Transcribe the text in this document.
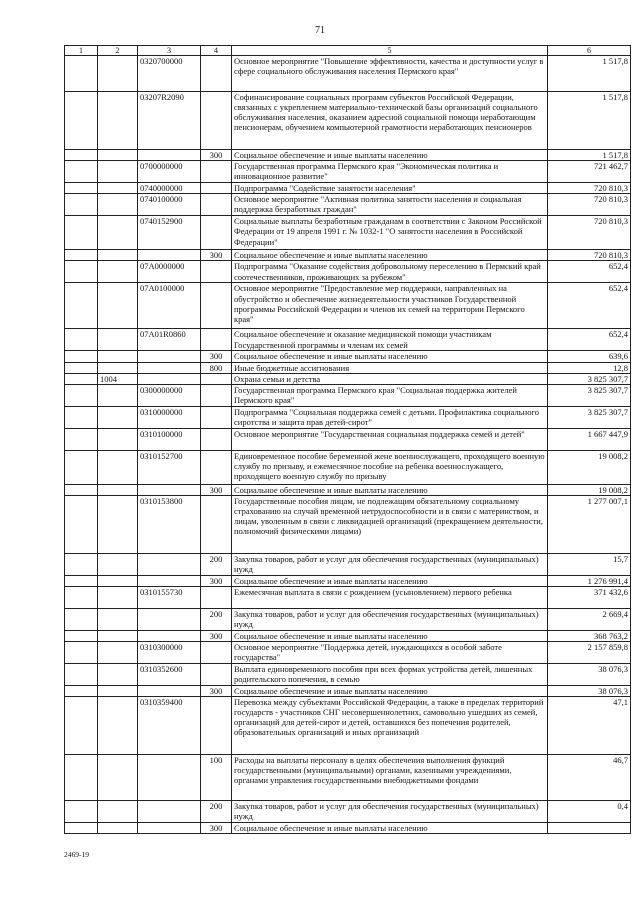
71
1	2	3	4	5	6
		0320700000		Основное мероприятие "Повышение эффективности, качества и доступности услуг в сфере социального обслуживания населения Пермского края"	1 517,8
		03207R2090		Софинансирование социальных программ субъектов Российской Федерации, связанных с укреплением материально-технической базы организаций социального обслуживания населения, оказанием адресной социальной помощи неработающим пенсионерам, обучением компьютерной грамотности неработающих пенсионеров	1 517,8
			300	Социальное обеспечение и иные выплаты населению	1 517,8
		0700000000		Государственная программа Пермского края "Экономическая политика и инновационное развитие"	721 462,7
		0740000000		Подпрограмма "Содействие занятости населения"	720 810,3
		0740100000		Основное мероприятие "Активная политика занятости населения и социальная поддержка безработных граждан"	720 810,3
		0740152900		Социальные выплаты безработным гражданам в соответствии с Законом Российской Федерации от 19 апреля 1991 г. № 1032-1 "О занятости населения в Российской Федерации"	720 810,3
			300	Социальное обеспечение и иные выплаты населению	720 810,3
		07А0000000		Подпрограмма "Оказание содействия добровольному переселению в Пермский край соотечественников, проживающих за рубежом"	652,4
		07А0100000		Основное мероприятие "Предоставление мер поддержки, направленных на обустройство и обеспечение жизнедеятельности участников Государственной программы Российской Федерации и членов их семей на территории Пермского края"	652,4
		07А01R0860		Социальное обеспечение и оказание медицинской помощи участникам Государственной программы и членам их семей	652,4
			300	Социальное обеспечение и иные выплаты населению	639,6
			800	Иные бюджетные ассигнования	12,8
	1004			Охрана семьи и детства	3 825 307,7
		0300000000		Государственная программа Пермского края "Социальная поддержка жителей Пермского края"	3 825 307,7
		0310000000		Подпрограмма "Социальная поддержка семей с детьми. Профилактика социального сиротства и защита прав детей-сирот"	3 825 307,7
		0310100000		Основное мероприятие "Государственная социальная поддержка семей и детей"	1 667 447,9
		0310152700		Единовременное пособие беременной жене военнослужащего, проходящего военную службу по призыву, и ежемесячное пособие на ребенка военнослужащего, проходящего военную службу по призыву	19 008,2
			300	Социальное обеспечение и иные выплаты населению	19 008,2
		0310153800		Государственные пособия лицам, не подлежащим обязательному социальному страхованию на случай временной нетрудоспособности и в связи с материнством, и лицам, уволенным в связи с ликвидацией организаций (прекращением деятельности, полномочий физическими лицами)	1 277 007,1
			200	Закупка товаров, работ и услуг для обеспечения государственных (муниципальных) нужд	15,7
			300	Социальное обеспечение и иные выплаты населению	1 276 991,4
		0310155730		Ежемесячная выплата в связи с рождением (усыновлением) первого ребенка	371 432,6
			200	Закупка товаров, работ и услуг для обеспечения государственных (муниципальных) нужд	2 669,4
			300	Социальное обеспечение и иные выплаты населению	368 763,2
		0310300000		Основное мероприятие "Поддержка детей, нуждающихся в особой заботе государства"	2 157 859,8
		0310352600		Выплата единовременного пособия при всех формах устройства детей, лишенных родительского попечения, в семью	38 076,3
			300	Социальное обеспечение и иные выплаты населению	38 076,3
		0310359400		Перевозка между субъектами Российской Федерации, а также в пределах территорий государств - участников СНГ несовершеннолетних, самовольно ушедших из семей, организаций для детей-сирот и детей, оставшихся без попечения родителей, образовательных организаций и иных организаций	47,1
			100	Расходы на выплаты персоналу в целях обеспечения выполнения функций государственными (муниципальными) органами, казенными учреждениями, органами управления государственными внебюджетными фондами	46,7
			200	Закупка товаров, работ и услуг для обеспечения государственных (муниципальных) нужд	0,4
			300	Социальное обеспечение и иные выплаты населению	
2469-19
